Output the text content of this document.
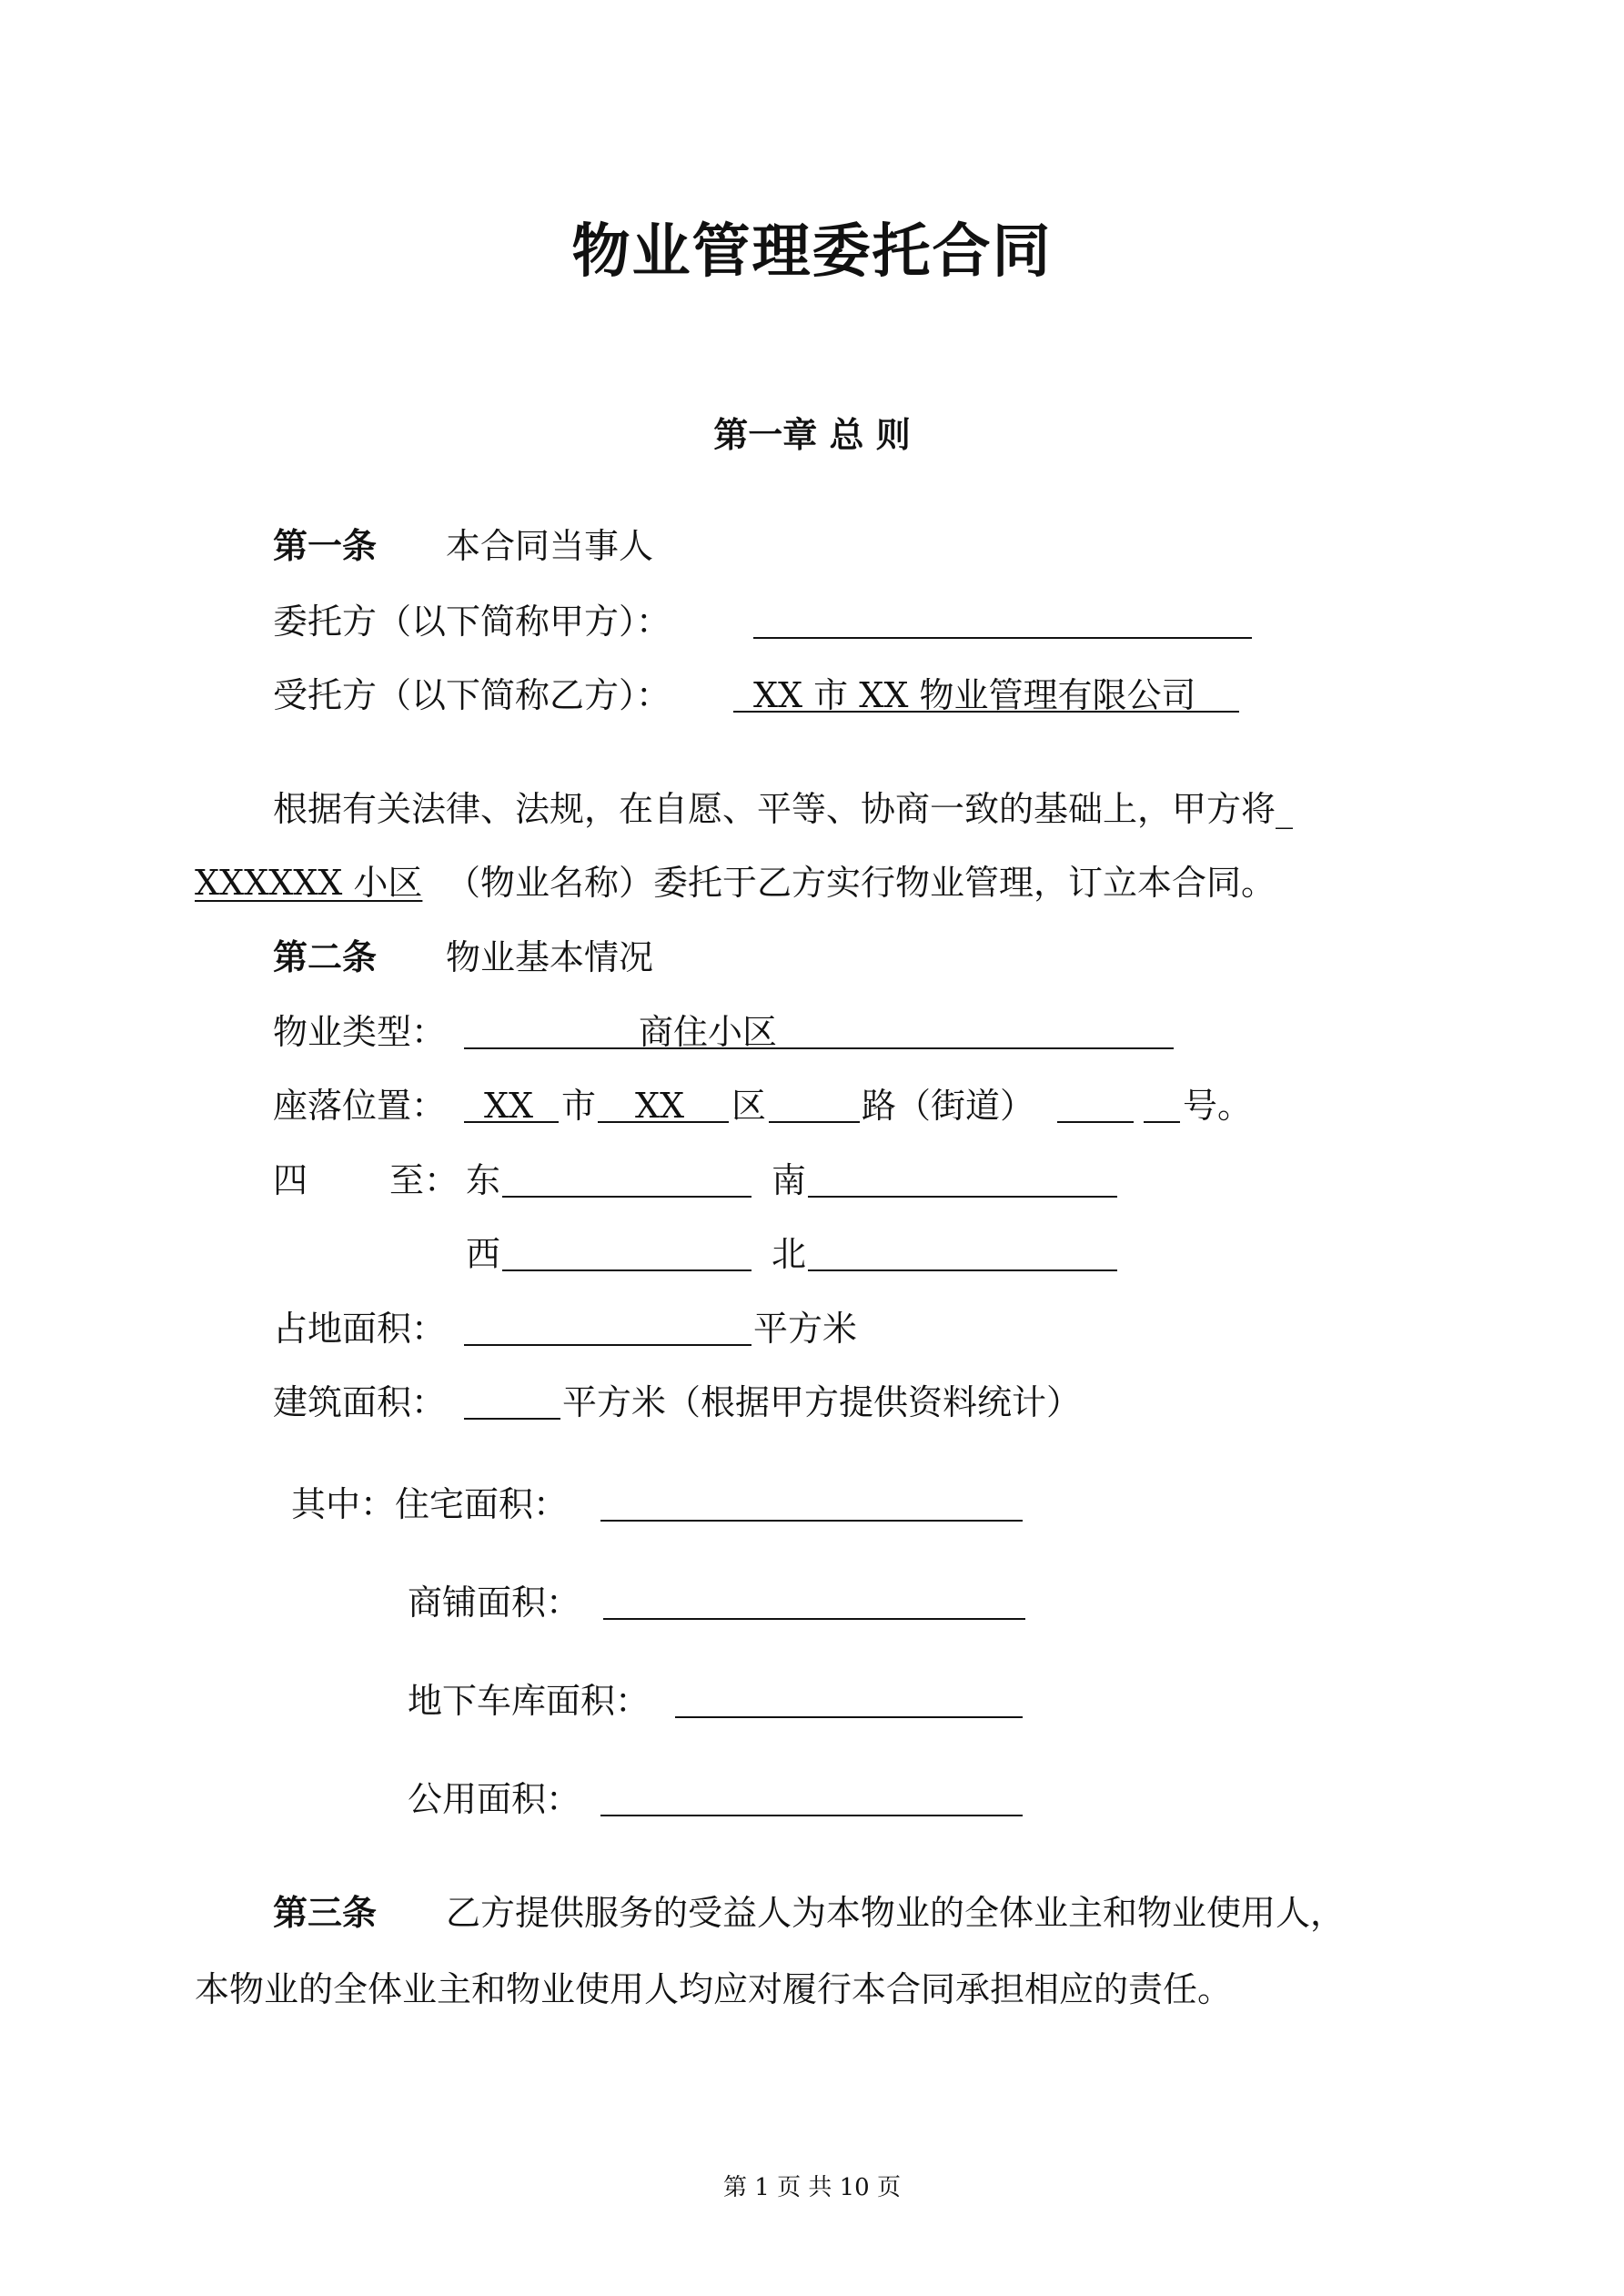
物业管理委托合同
第一章 总 则
第一条 本合同当事人
委托方（以下简称甲方）：
受托方（以下简称乙方）： XX 市 XX 物业管理有限公司
根据有关法律、法规，在自愿、平等、协商一致的基础上，甲方将_
XXXXXX 小区 （物业名称）委托于乙方实行物业管理，订立本合同。
第二条 物业基本情况
物业类型：	商住小区
座落位置： XX 市 XX 区	路（街道）	号。
四 至： 东	南
西	北
占地面积：	平方米
建筑面积：	平方米（根据甲方提供资料统计）
其中：住宅面积：
商铺面积：
地下车库面积：
公用面积：
第三条 乙方提供服务的受益人为本物业的全体业主和物业使用人，
本物业的全体业主和物业使用人均应对履行本合同承担相应的责任。
第 1 页 共 10 页
